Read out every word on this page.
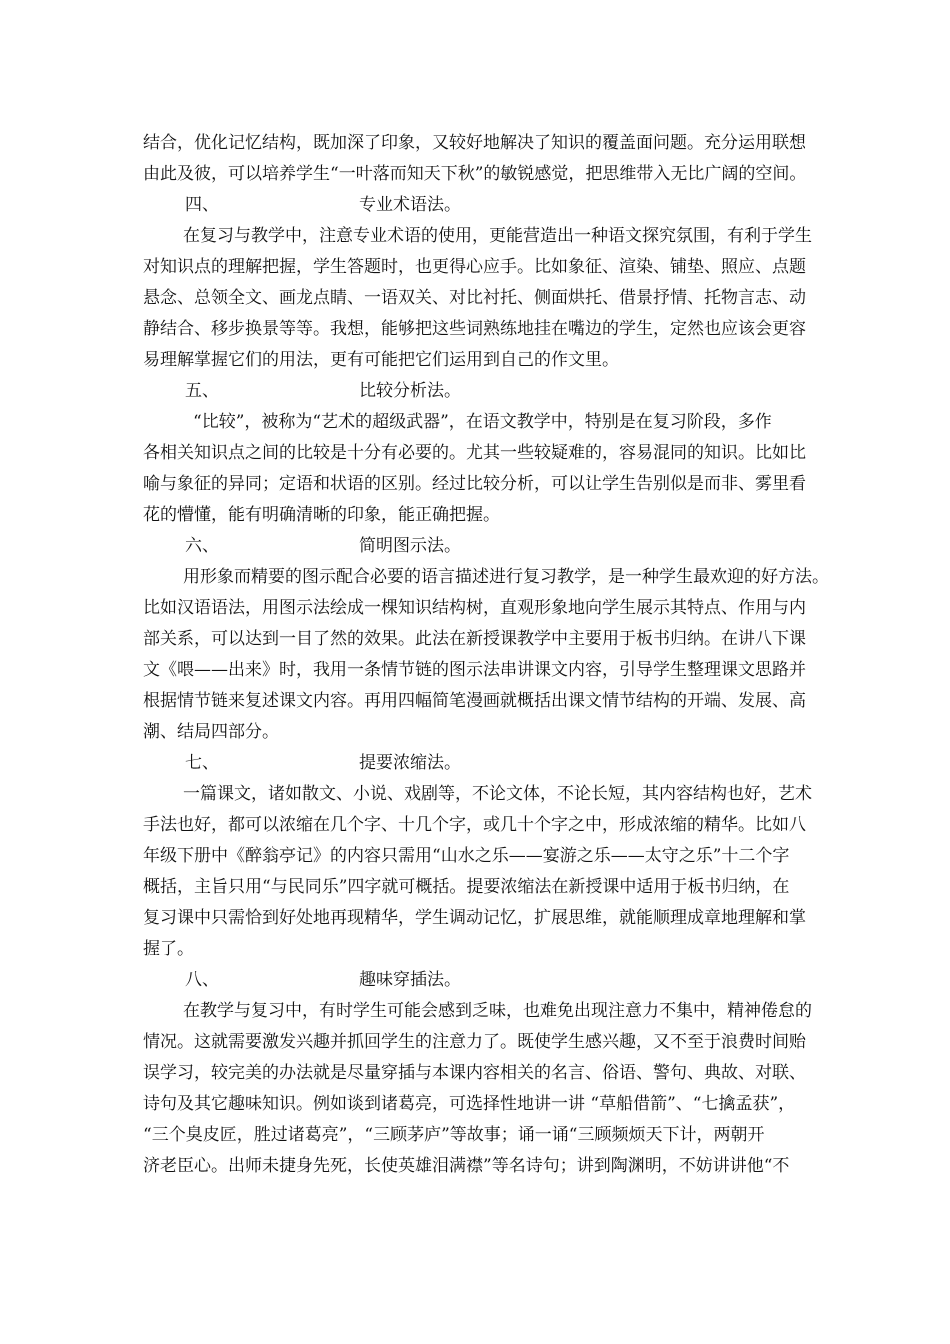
结合，优化记忆结构，既加深了印象，又较好地解决了知识的覆盖面问题。充分运用联想
由此及彼，可以培养学生“一叶落而知天下秋”的敏锐感觉，把思维带入无比广阔的空间。
四、	专业术语法。
在复习与教学中，注意专业术语的使用，更能营造出一种语文探究氛围，有利于学生
对知识点的理解把握，学生答题时，也更得心应手。比如象征、渲染、铺垫、照应、点题
悬念、总领全文、画龙点睛、一语双关、对比衬托、侧面烘托、借景抒情、托物言志、动
静结合、移步换景等等。我想，能够把这些词熟练地挂在嘴边的学生，定然也应该会更容
易理解掌握它们的用法，更有可能把它们运用到自己的作文里。
五、	比较分析法。
“比较”，被称为“艺术的超级武器”，在语文教学中，特别是在复习阶段，多作
各相关知识点之间的比较是十分有必要的。尤其一些较疑难的，容易混同的知识。比如比
喻与象征的异同；定语和状语的区别。经过比较分析，可以让学生告别似是而非、雾里看
花的懵懂，能有明确清晰的印象，能正确把握。
六、	简明图示法。
用形象而精要的图示配合必要的语言描述进行复习教学，是一种学生最欢迎的好方法。
比如汉语语法，用图示法绘成一棵知识结构树，直观形象地向学生展示其特点、作用与内
部关系，可以达到一目了然的效果。此法在新授课教学中主要用于板书归纳。在讲八下课
文《喂——出来》时，我用一条情节链的图示法串讲课文内容，引导学生整理课文思路并
根据情节链来复述课文内容。再用四幅简笔漫画就概括出课文情节结构的开端、发展、高
潮、结局四部分。
七、	提要浓缩法。
一篇课文，诸如散文、小说、戏剧等，不论文体，不论长短，其内容结构也好，艺术
手法也好，都可以浓缩在几个字、十几个字，或几十个字之中，形成浓缩的精华。比如八
年级下册中《醉翁亭记》的内容只需用“山水之乐——宴游之乐——太守之乐”十二个字
概括，主旨只用“与民同乐”四字就可概括。提要浓缩法在新授课中适用于板书归纳，在
复习课中只需恰到好处地再现精华，学生调动记忆，扩展思维，就能顺理成章地理解和掌
握了。
八、	趣味穿插法。
在教学与复习中，有时学生可能会感到乏味，也难免出现注意力不集中，精神倦怠的
情况。这就需要激发兴趣并抓回学生的注意力了。既使学生感兴趣，又不至于浪费时间贻
误学习，较完美的办法就是尽量穿插与本课内容相关的名言、俗语、警句、典故、对联、
诗句及其它趣味知识。例如谈到诸葛亮，可选择性地讲一讲 “草船借箭”、“七擒孟获”，
“三个臭皮匠，胜过诸葛亮”，“三顾茅庐”等故事；诵一诵“三顾频烦天下计，两朝开
济老臣心。出师未捷身先死，长使英雄泪满襟”等名诗句；讲到陶渊明，不妨讲讲他“不
